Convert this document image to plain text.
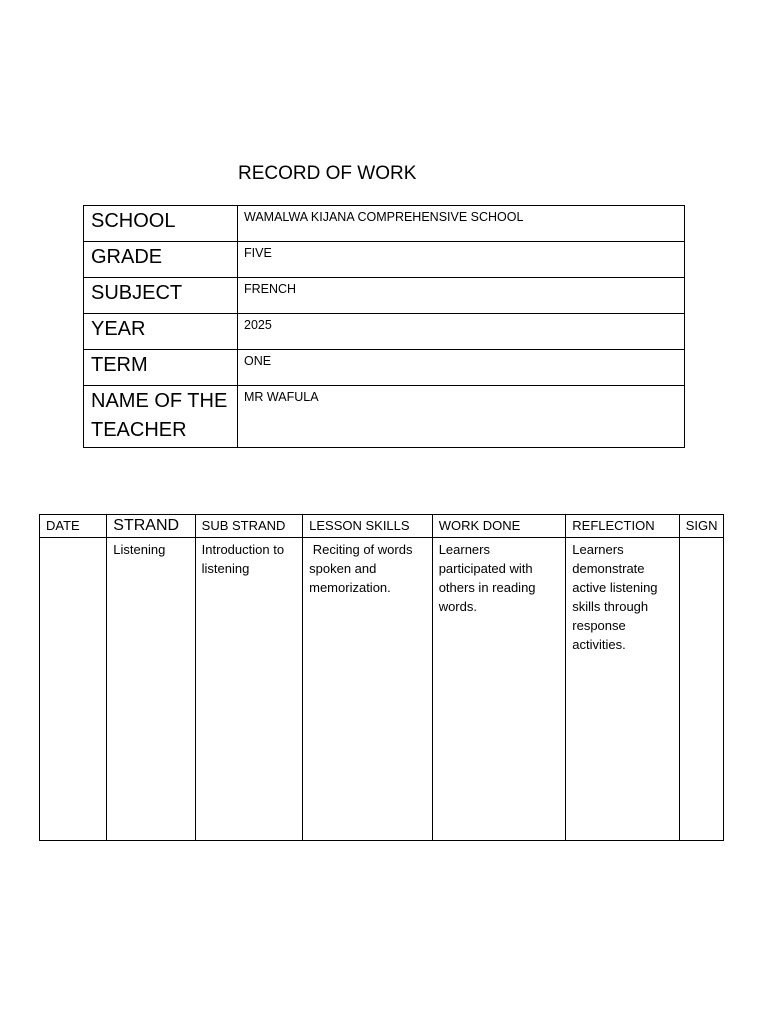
RECORD OF WORK
SCHOOL	WAMALWA KIJANA COMPREHENSIVE SCHOOL
GRADE	FIVE
SUBJECT	FRENCH
YEAR	2025
TERM	ONE
NAME OF THE TEACHER	MR WAFULA
DATE	STRAND	SUB STRAND	LESSON SKILLS	WORK DONE	REFLECTION	SIGN
	Listening	Introduction to listening	Reciting of words spoken and memorization.	Learners participated with others in reading words.	Learners demonstrate active listening skills through response activities.	
